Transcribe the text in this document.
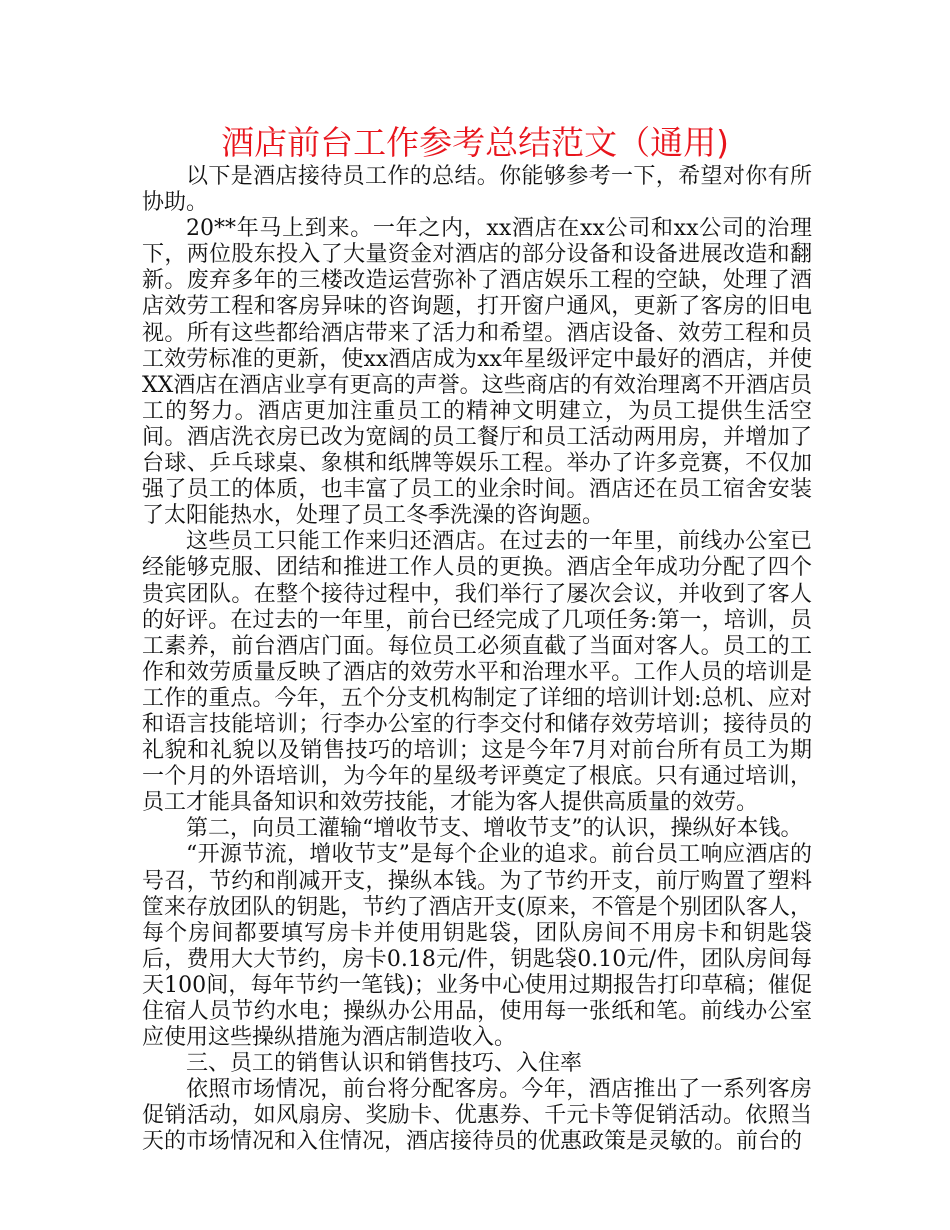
酒店前台工作参考总结范文（通用)

以下是酒店接待员工作的总结。你能够参考一下，希望对你有所协助。

20**年马上到来。一年之内，xx酒店在xx公司和xx公司的治理下，两位股东投入了大量资金对酒店的部分设备和设备进展改造和翻新。废弃多年的三楼改造运营弥补了酒店娱乐工程的空缺，处理了酒店效劳工程和客房异味的咨询题，打开窗户通风，更新了客房的旧电视。所有这些都给酒店带来了活力和希望。酒店设备、效劳工程和员工效劳标准的更新，使xx酒店成为xx年星级评定中最好的酒店，并使XX酒店在酒店业享有更高的声誉。这些商店的有效治理离不开酒店员工的努力。酒店更加注重员工的精神文明建立，为员工提供生活空间。酒店洗衣房已改为宽阔的员工餐厅和员工活动两用房，并增加了台球、乒乓球桌、象棋和纸牌等娱乐工程。举办了许多竞赛，不仅加强了员工的体质，也丰富了员工的业余时间。酒店还在员工宿舍安装了太阳能热水，处理了员工冬季洗澡的咨询题。

这些员工只能工作来归还酒店。在过去的一年里，前线办公室已经能够克服、团结和推进工作人员的更换。酒店全年成功分配了四个贵宾团队。在整个接待过程中，我们举行了屡次会议，并收到了客人的好评。在过去的一年里，前台已经完成了几项任务:第一，培训，员工素养，前台酒店门面。每位员工必须直截了当面对客人。员工的工作和效劳质量反映了酒店的效劳水平和治理水平。工作人员的培训是工作的重点。今年，五个分支机构制定了详细的培训计划:总机、应对和语言技能培训；行李办公室的行李交付和储存效劳培训；接待员的礼貌和礼貌以及销售技巧的培训；这是今年7月对前台所有员工为期一个月的外语培训，为今年的星级考评奠定了根底。只有通过培训，员工才能具备知识和效劳技能，才能为客人提供高质量的效劳。

第二，向员工灌输“增收节支、增收节支”的认识，操纵好本钱。

“开源节流，增收节支”是每个企业的追求。前台员工响应酒店的号召，节约和削减开支，操纵本钱。为了节约开支，前厅购置了塑料筐来存放团队的钥匙，节约了酒店开支(原来，不管是个别团队客人，每个房间都要填写房卡并使用钥匙袋，团队房间不用房卡和钥匙袋后，费用大大节约，房卡0.18元/件，钥匙袋0.10元/件，团队房间每天100间，每年节约一笔钱)；业务中心使用过期报告打印草稿；催促住宿人员节约水电；操纵办公用品，使用每一张纸和笔。前线办公室应使用这些操纵措施为酒店制造收入。

三、员工的销售认识和销售技巧、入住率

依照市场情况，前台将分配客房。今年，酒店推出了一系列客房促销活动，如风扇房、奖励卡、优惠券、千元卡等促销活动。依照当天的市场情况和入住情况，酒店接待员的优惠政策是灵敏的。前台的
